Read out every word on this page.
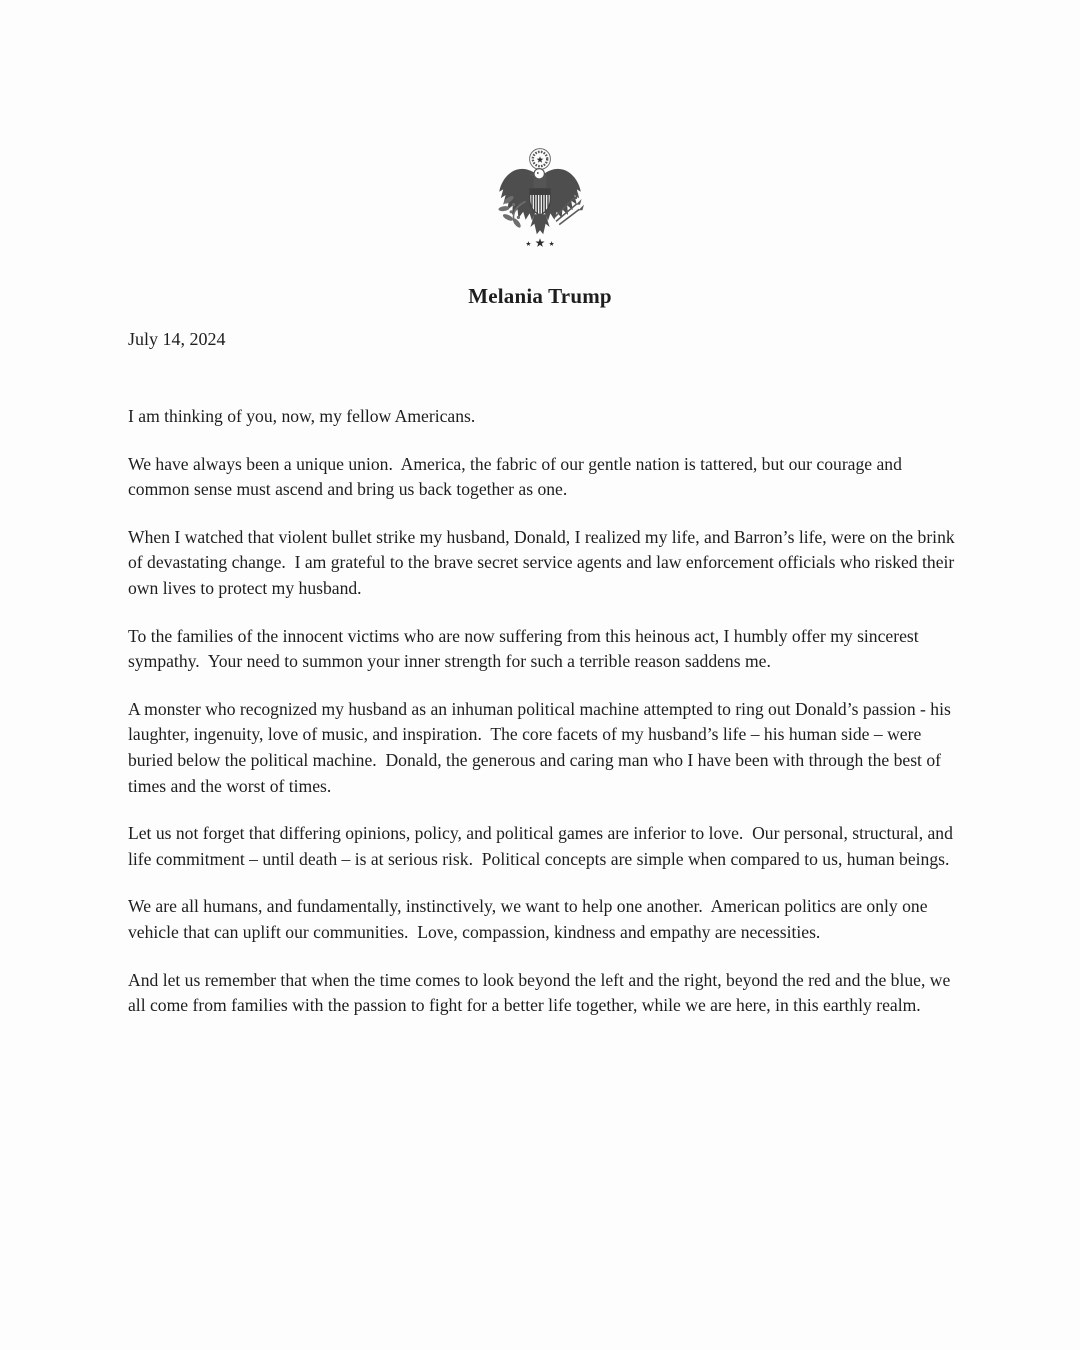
Melania Trump
July 14, 2024

I am thinking of you, now, my fellow Americans.

We have always been a unique union.  America, the fabric of our gentle nation is tattered, but our courage and common sense must ascend and bring us back together as one.

When I watched that violent bullet strike my husband, Donald, I realized my life, and Barron’s life, were on the brink of devastating change.  I am grateful to the brave secret service agents and law enforcement officials who risked their own lives to protect my husband.

To the families of the innocent victims who are now suffering from this heinous act, I humbly offer my sincerest sympathy.  Your need to summon your inner strength for such a terrible reason saddens me.

A monster who recognized my husband as an inhuman political machine attempted to ring out Donald’s passion - his laughter, ingenuity, love of music, and inspiration.  The core facets of my husband’s life – his human side – were buried below the political machine.  Donald, the generous and caring man who I have been with through the best of times and the worst of times.

Let us not forget that differing opinions, policy, and political games are inferior to love.  Our personal, structural, and life commitment – until death – is at serious risk.  Political concepts are simple when compared to us, human beings.

We are all humans, and fundamentally, instinctively, we want to help one another.  American politics are only one vehicle that can uplift our communities.  Love, compassion, kindness and empathy are necessities.

And let us remember that when the time comes to look beyond the left and the right, beyond the red and the blue, we all come from families with the passion to fight for a better life together, while we are here, in this earthly realm.
